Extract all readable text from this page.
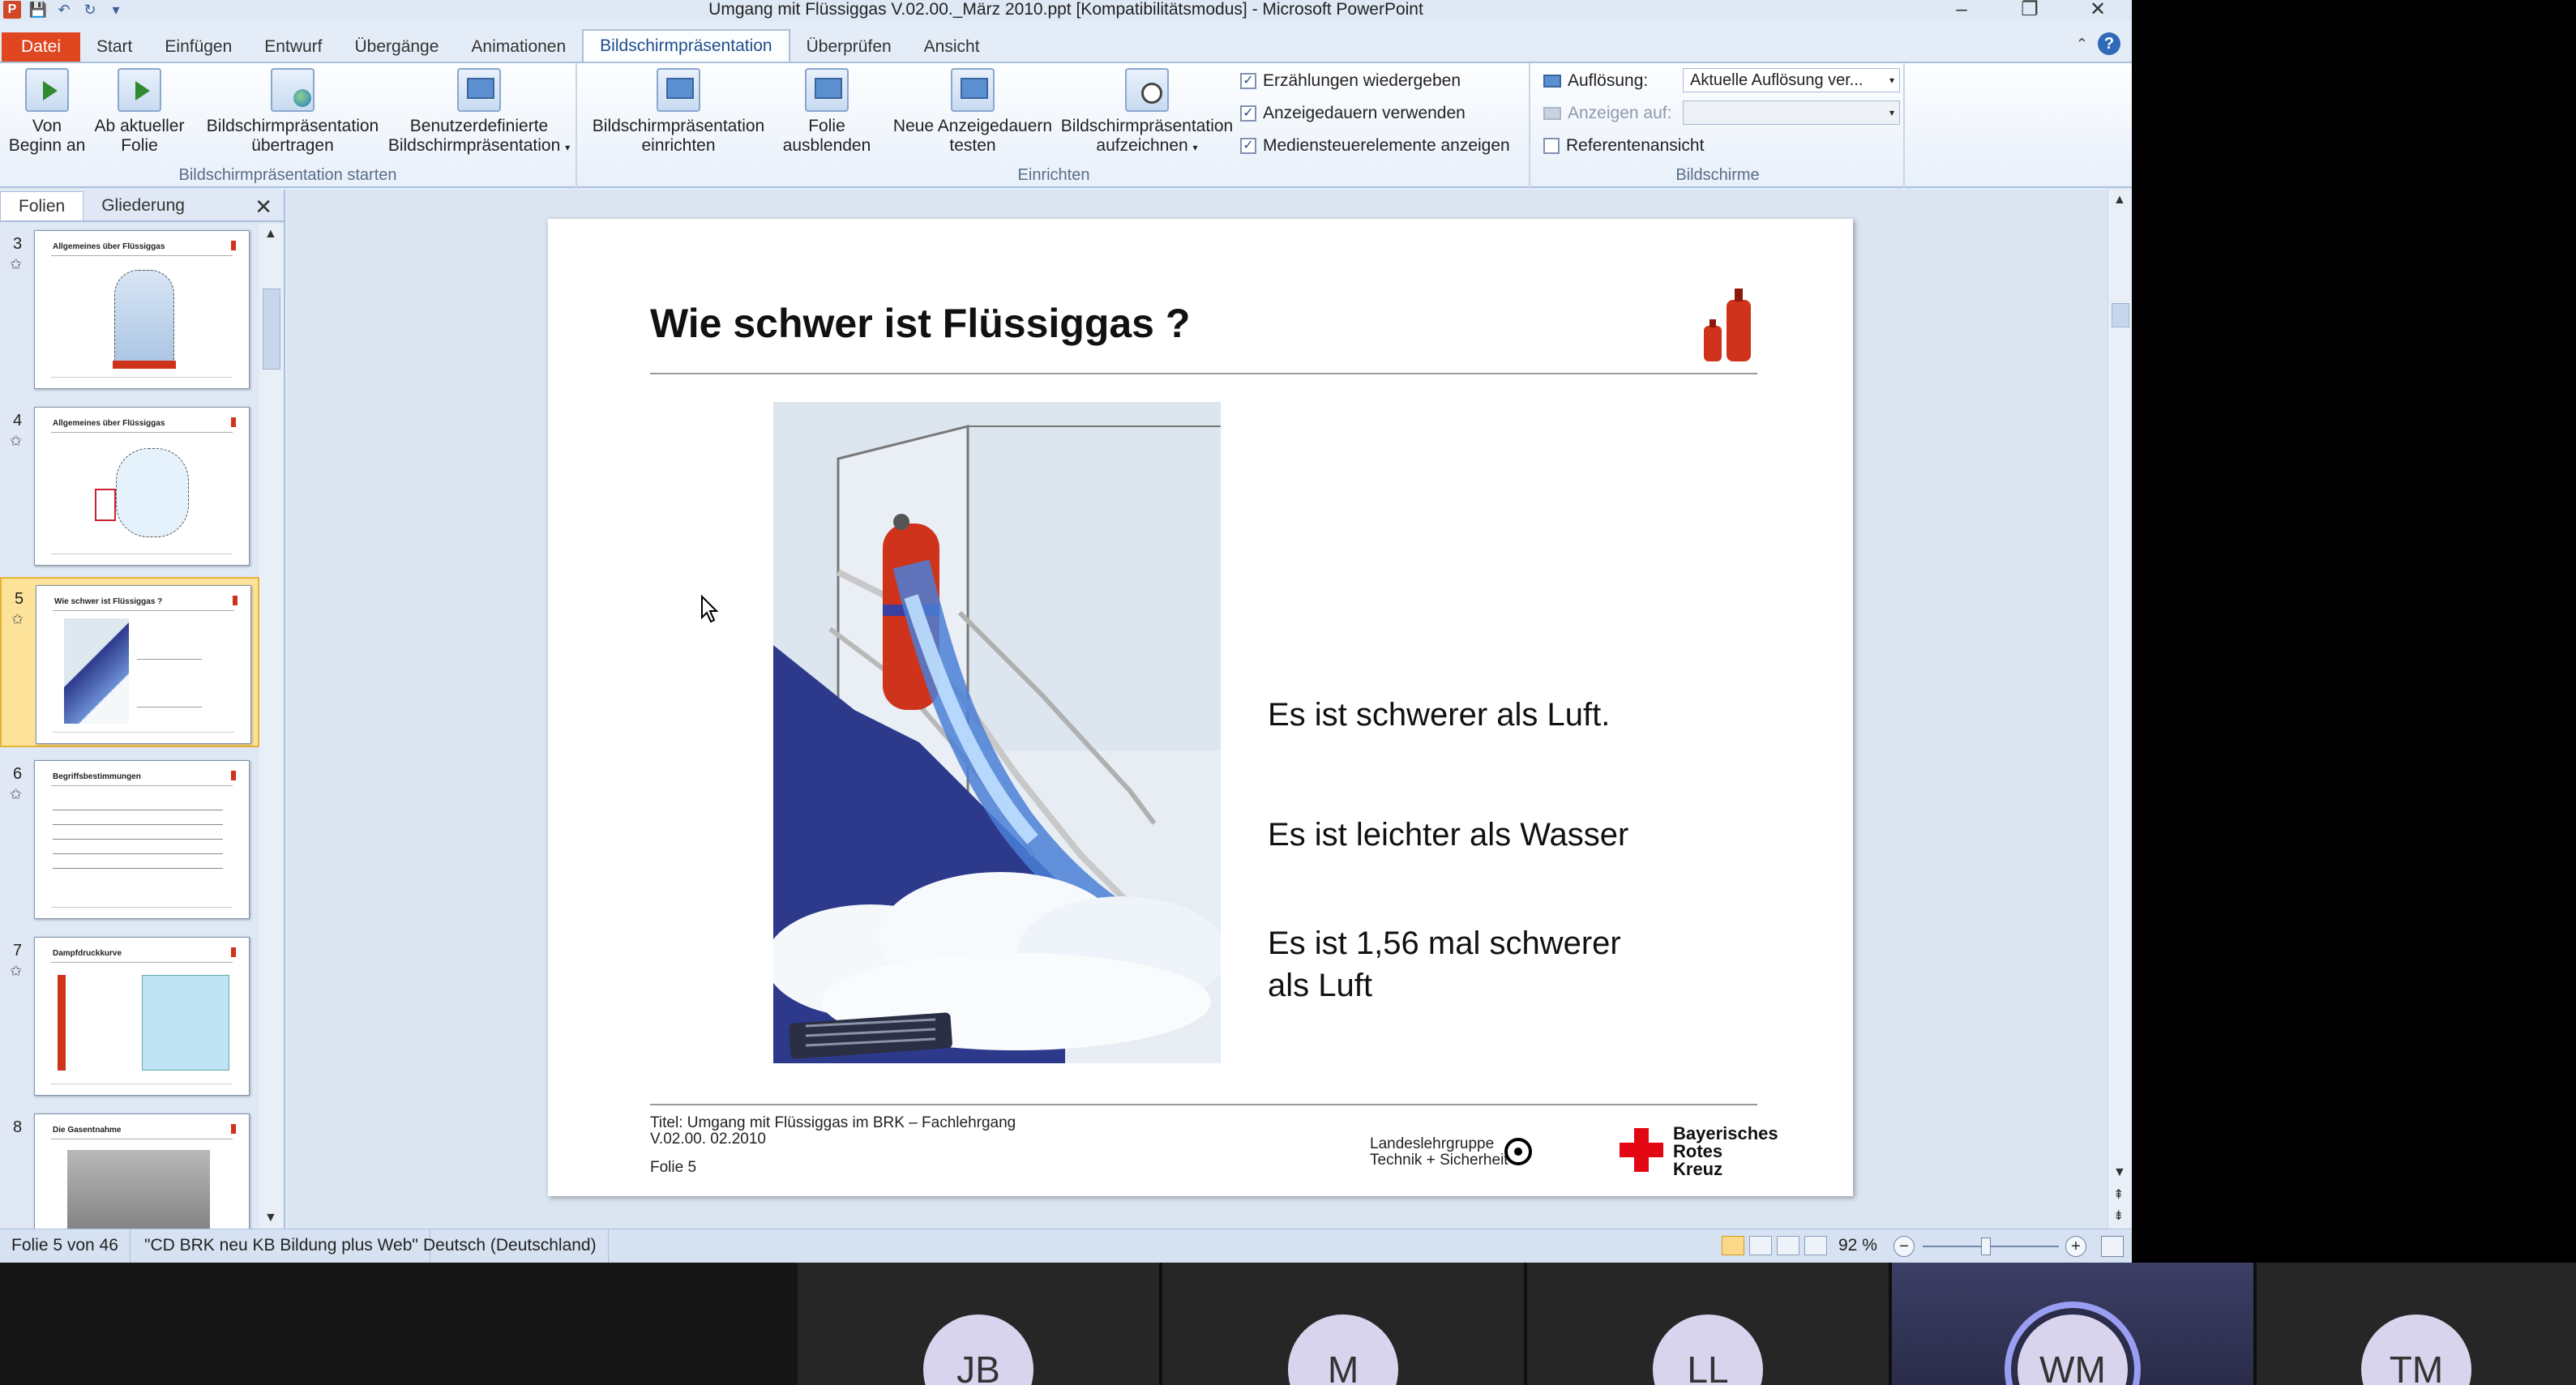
P 💾 ↶ ↻	▾	Umgang mit Flüssiggas V.02.00._März 2010.ppt [Kompatibilitätsmodus] - Microsoft PowerPoint	–	❐	✕
Datei	Start	Einfügen	Entwurf	Übergänge	Animationen	Bildschirmpräsentation	Überprüfen	Ansicht	⌃ ?
Von
Beginn an
Ab aktueller
Folie
Bildschirmpräsentation
übertragen
Benutzerdefinierte
Bildschirmpräsentation ▾
Bildschirmpräsentation starten
Bildschirmpräsentation
einrichten
Folie
ausblenden
Neue Anzeigedauern
testen
Bildschirmpräsentation
aufzeichnen ▾
✓ Erzählungen wiedergeben
✓ Anzeigedauern verwenden
✓ Mediensteuerelemente anzeigen
Einrichten
Auflösung:	Aktuelle Auflösung ver...	▾
Anzeigen auf:	▾
Referentenansicht
Bildschirme
Folien	Gliederung	✕
3
✩
Allgemeines über Flüssiggas
4
✩
Allgemeines über Flüssiggas
5
✩
Wie schwer ist Flüssiggas ?
6
✩
Begriffsbestimmungen
7
✩
Dampfdruckkurve
8	Die Gasentnahme
▲
▼
Wie schwer ist Flüssiggas ?
Es ist schwerer als Luft.
Es ist leichter als Wasser
Es ist 1,56 mal schwerer
als Luft
Titel: Umgang mit Flüssiggas im BRK – Fachlehrgang
V.02.00. 02.2010
Folie 5
Landeslehrgruppe
Technik + Sicherheit
Bayerisches
Rotes
Kreuz
▲
▼
⇞
⇟
Folie 5 von 46	"CD BRK neu KB Bildung plus Web" Deutsch (Deutschland)	92 %	−	+
JB	M	LL	WM	TM
